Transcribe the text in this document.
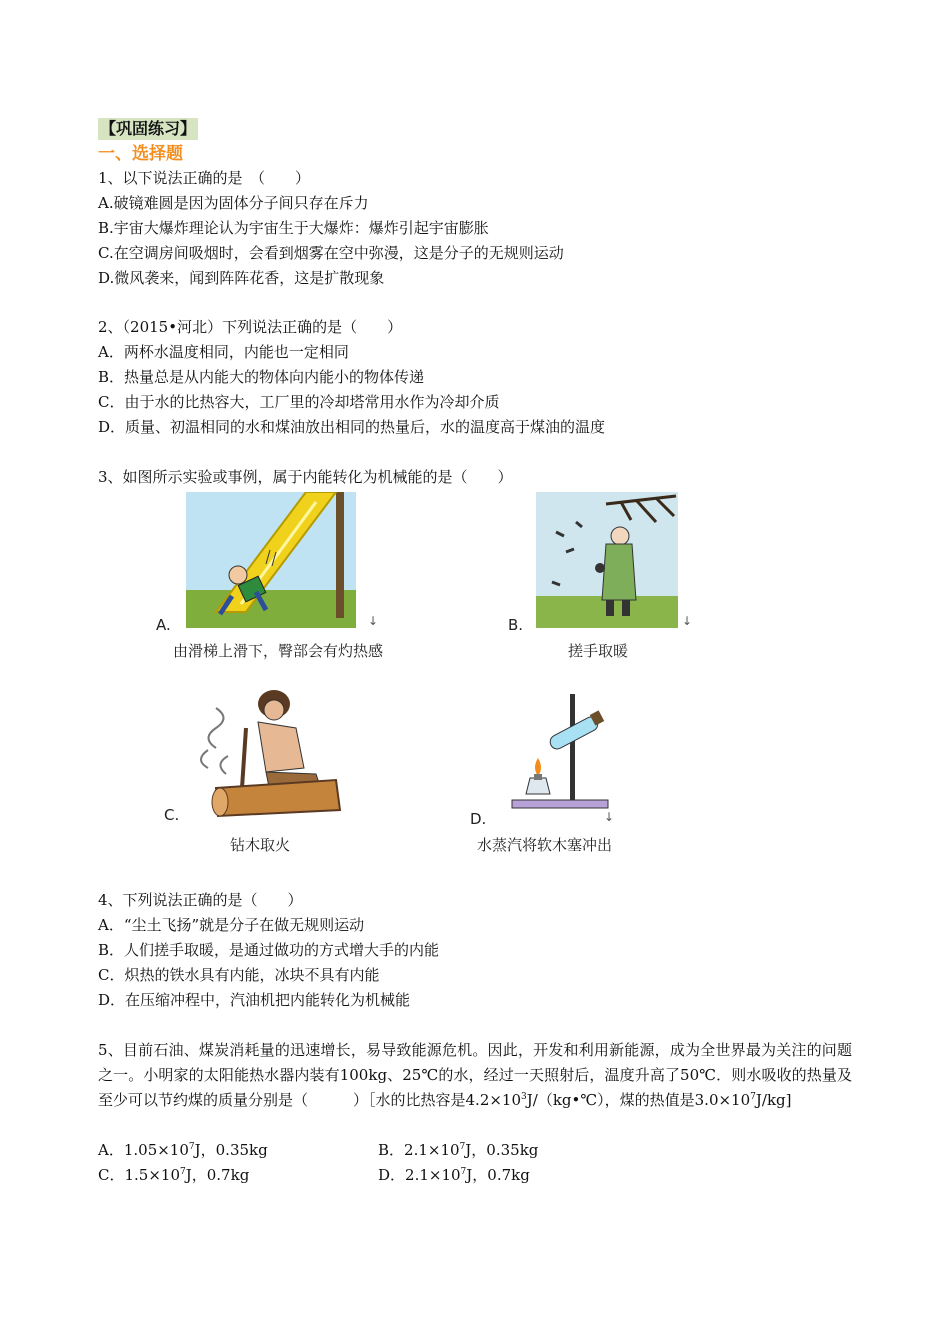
【巩固练习】
一、选择题
1、以下说法正确的是　（　　）
A.破镜难圆是因为固体分子间只存在斥力
B.宇宙大爆炸理论认为宇宙生于大爆炸：爆炸引起宇宙膨胀
C.在空调房间吸烟时，会看到烟雾在空中弥漫，这是分子的无规则运动
D.微风袭来，闻到阵阵花香，这是扩散现象
2、（2015•河北）下列说法正确的是（　　）
A．两杯水温度相同，内能也一定相同
B．热量总是从内能大的物体向内能小的物体传递
C．由于水的比热容大，工厂里的冷却塔常用水作为冷却介质
D．质量、初温相同的水和煤油放出相同的热量后，水的温度高于煤油的温度
3、如图所示实验或事例，属于内能转化为机械能的是（　　）
A.	↓
由滑梯上滑下，臀部会有灼热感
B.	↓
搓手取暖
C.
钻木取火
D.	↓
水蒸汽将软木塞冲出
4、下列说法正确的是（　　）
A．“尘土飞扬”就是分子在做无规则运动
B．人们搓手取暖，是通过做功的方式增大手的内能
C．炽热的铁水具有内能，冰块不具有内能
D．在压缩冲程中，汽油机把内能转化为机械能
5、目前石油、煤炭消耗量的迅速增长，易导致能源危机。因此，开发和利用新能源，成为全世界最为关注的问题之一。小明家的太阳能热水器内装有100kg、25℃的水，经过一天照射后，温度升高了50℃．则水吸收的热量及至少可以节约煤的质量分别是（　　　）［水的比热容是$4.2\times 10^3J/(kg•℃)$，煤的热值是$3.0\times 10^7J/kg$]
A．$1.05\times 10^7J$，0.35kg	B．$2.1\times 10^7J$，0.35kg
C．$1.5\times 10^7J$，0.7kg	D．$2.1\times 10^7J$，0.7kg
